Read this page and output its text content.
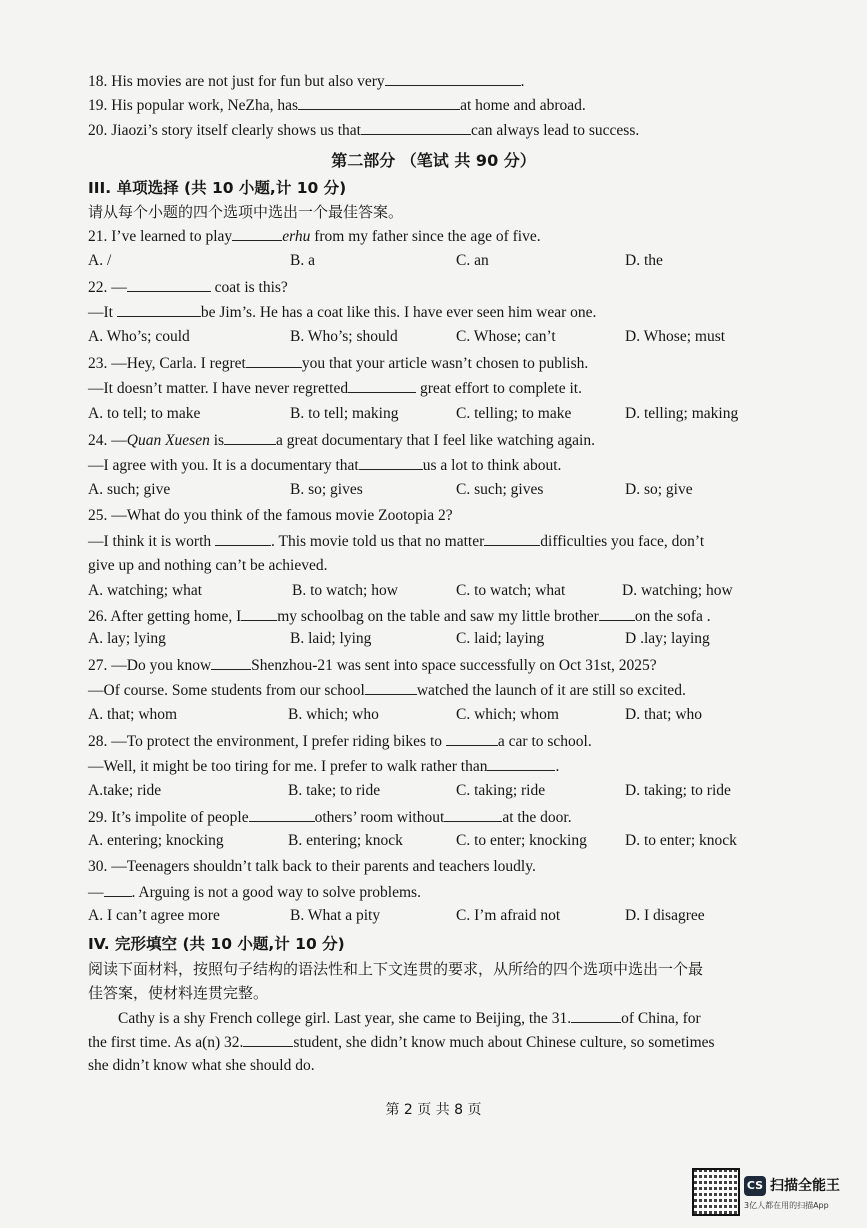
18. His movies are not just for fun but also very	.
19. His popular work, NeZha, has	at home and abroad.
20. Jiaozi’s story itself clearly shows us that	can always lead to success.
第二部分 （笔试 共 90 分）
III. 单项选择 (共 10 小题,计 10 分)
请从每个小题的四个选项中选出一个最佳答案。
21. I’ve learned to play	erhu from my father since the age of five.
A. /	B. a	C. an	D. the
22. —	coat is this?
—It	be Jim’s. He has a coat like this. I have ever seen him wear one.
A. Who’s; could	B. Who’s; should	C. Whose; can’t	D. Whose; must
23. —Hey, Carla. I regret	you that your article wasn’t chosen to publish.
—It doesn’t matter. I have never regretted	great effort to complete it.
A. to tell; to make	B. to tell; making	C. telling; to make	D. telling; making
24. —Quan Xuesen is	a great documentary that I feel like watching again.
—I agree with you. It is a documentary that	us a lot to think about.
A. such; give	B. so; gives	C. such; gives	D. so; give
25. —What do you think of the famous movie Zootopia 2?
—I think it is worth	. This movie told us that no matter	difficulties you face, don’t
give up and nothing can’t be achieved.
A. watching; what	B. to watch; how	C. to watch; what	D. watching; how
26. After getting home, I my schoolbag on the table and saw my little brother on the sofa .
A. lay; lying	B. laid; lying	C. laid; laying	D .lay; laying
27. —Do you know	Shenzhou-21 was sent into space successfully on Oct 31st, 2025?
—Of course. Some students from our school	watched the launch of it are still so excited.
A. that; whom	B. which; who	C. which; whom	D. that; who
28. —To protect the environment, I prefer riding bikes to	a car to school.
—Well, it might be too tiring for me. I prefer to walk rather than	.
A.take; ride	B. take; to ride	C. taking; ride	D. taking; to ride
29. It’s impolite of people	others’ room without	at the door.
A. entering; knocking	B. entering; knock	C. to enter; knocking D. to enter; knock
30. —Teenagers shouldn’t talk back to their parents and teachers loudly.
— . Arguing is not a good way to solve problems.
A. I can’t agree more	B. What a pity	C. I’m afraid not	D. I disagree
IV. 完形填空 (共 10 小题,计 10 分)
阅读下面材料，按照句子结构的语法性和上下文连贯的要求，从所给的四个选项中选出一个最
佳答案，使材料连贯完整。
Cathy is a shy French college girl. Last year, she came to Beijing, the 31.	of China, for
the first time. As a(n) 32.	student, she didn’t know much about Chinese culture, so sometimes
she didn’t know what she should do.
第 2 页 共 8 页
CS 扫描全能王
3亿人都在用的扫描App
